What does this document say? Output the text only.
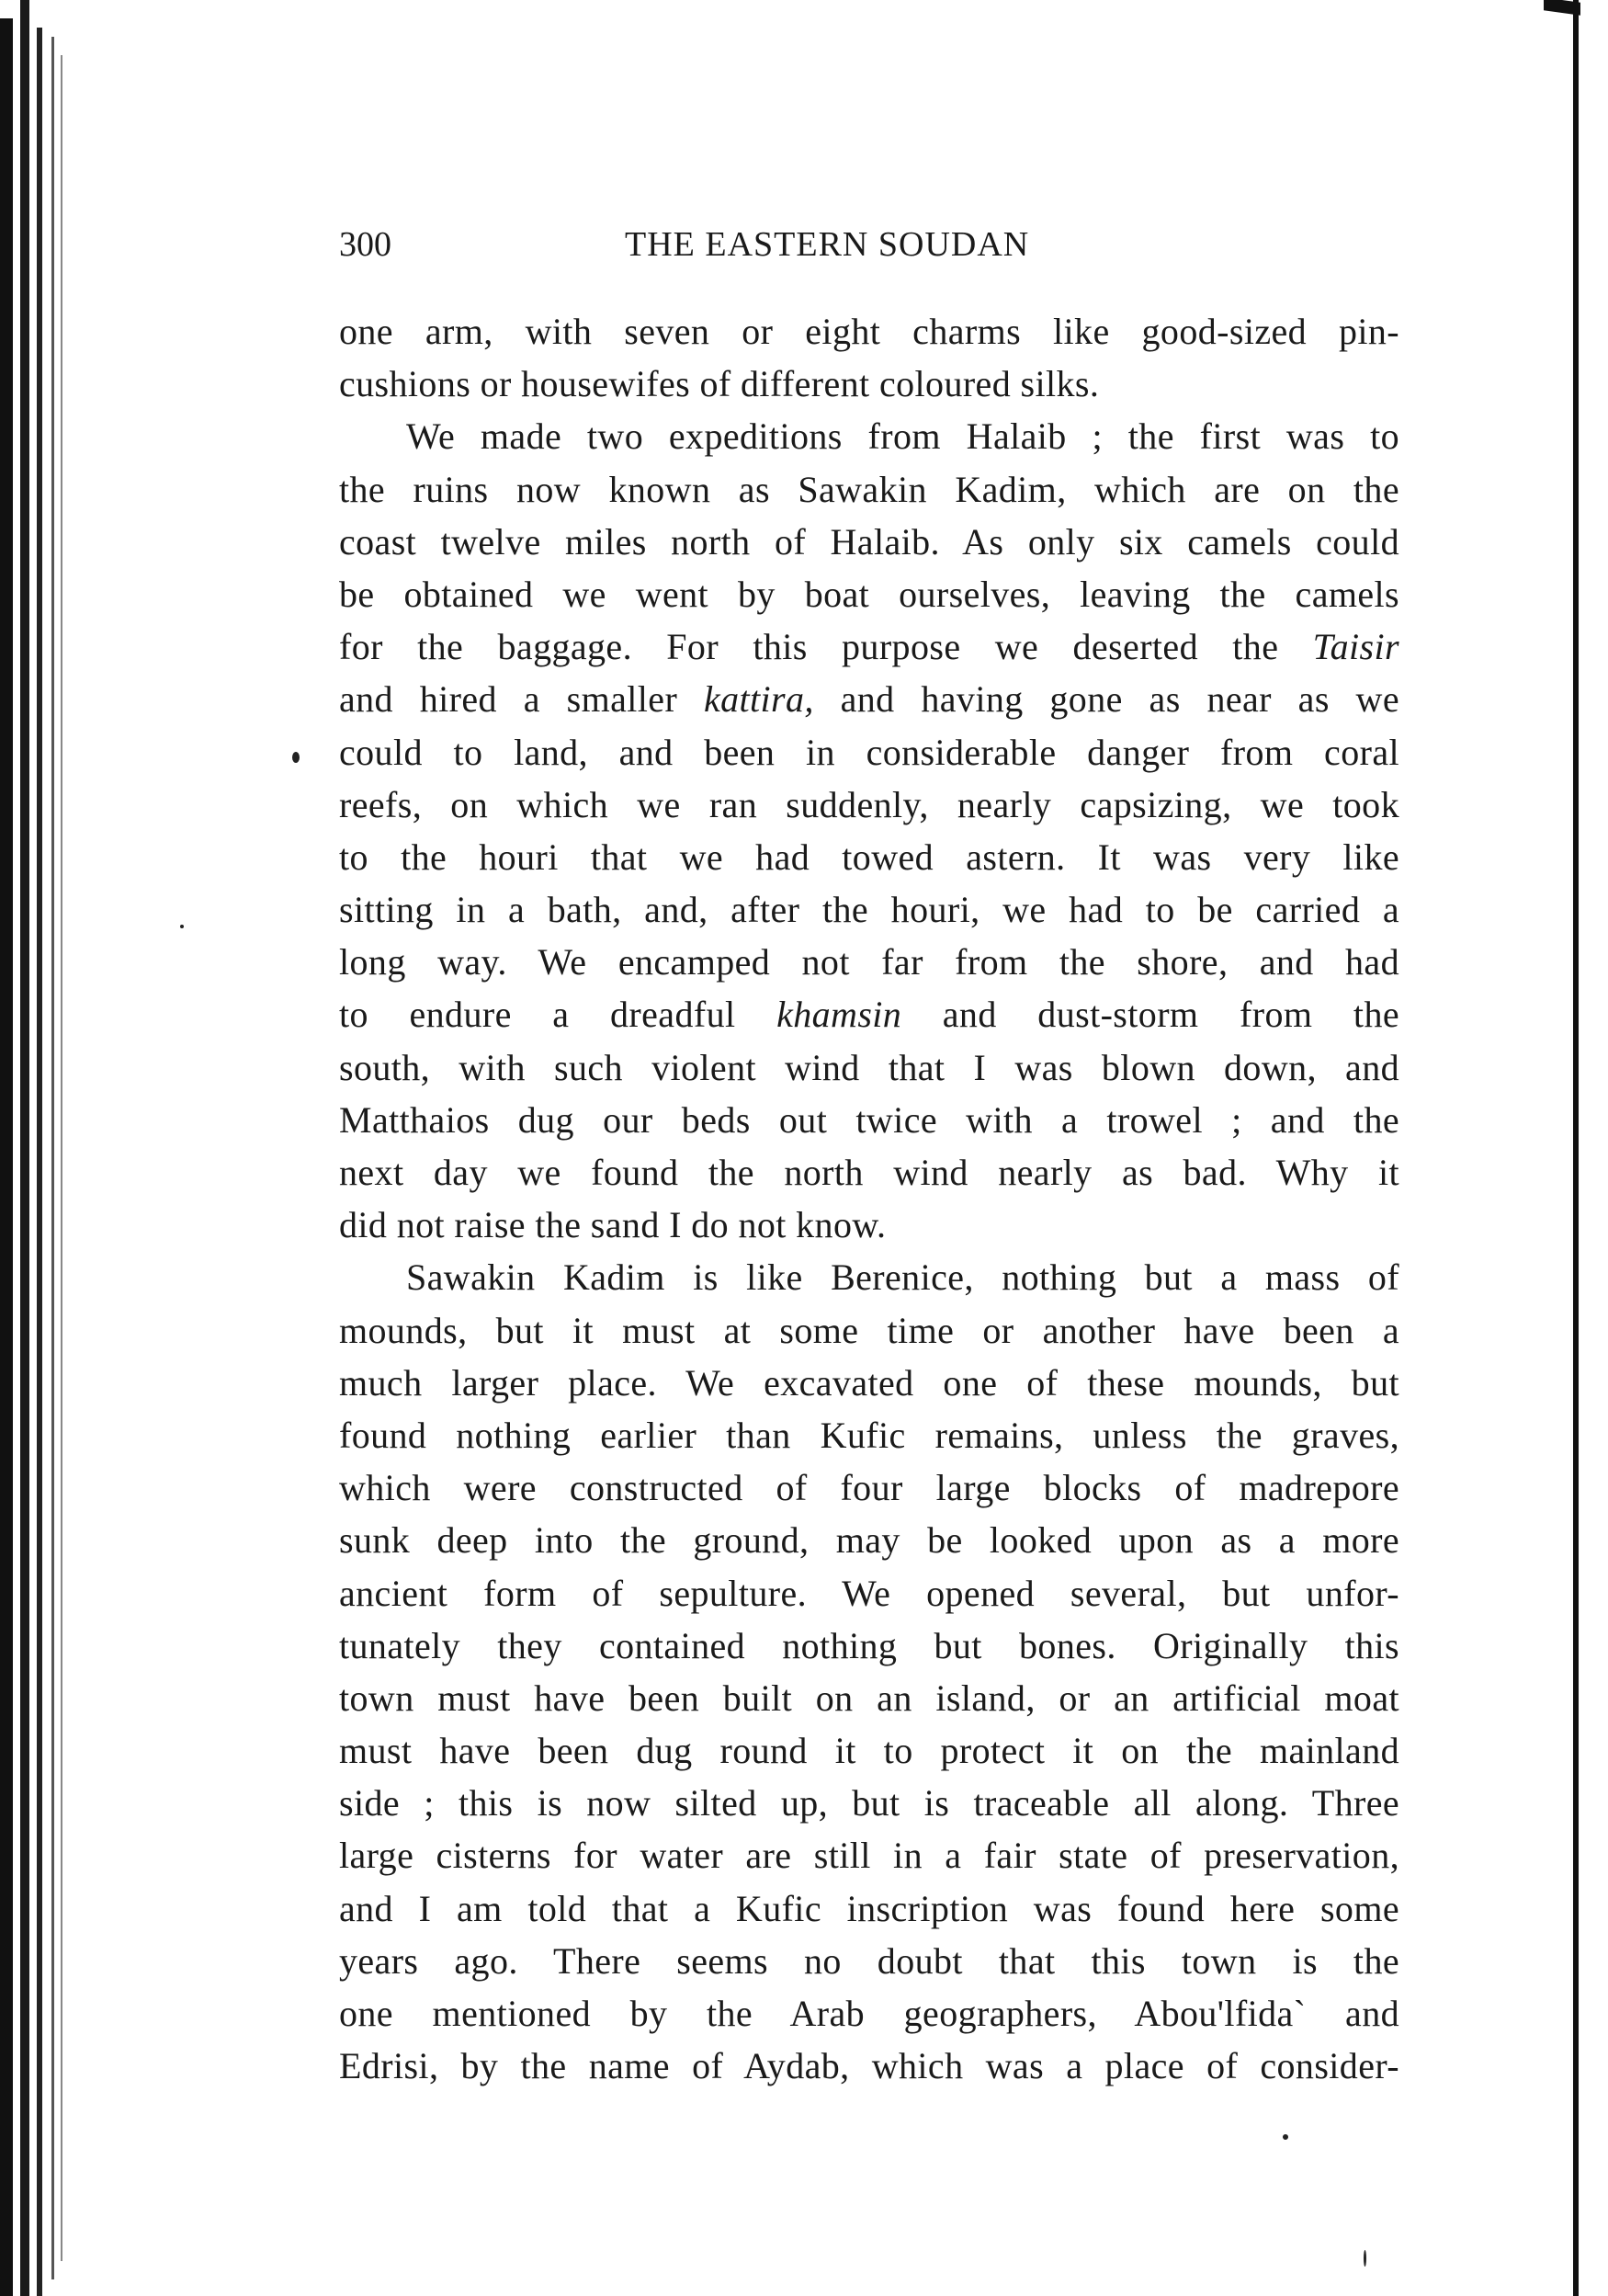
300	THE EASTERN SOUDAN
one arm, with seven or eight charms like good-sized pin-
cushions or housewifes of different coloured silks.
We made two expeditions from Halaib ; the first was to
the ruins now known as Sawakin Kadim, which are on the
coast twelve miles north of Halaib. As only six camels could
be obtained we went by boat ourselves, leaving the camels
for the baggage. For this purpose we deserted the Taisir
and hired a smaller kattira, and having gone as near as we
could to land, and been in considerable danger from coral
reefs, on which we ran suddenly, nearly capsizing, we took
to the houri that we had towed astern. It was very like
sitting in a bath, and, after the houri, we had to be carried a
long way. We encamped not far from the shore, and had
to endure a dreadful khamsin and dust-storm from the
south, with such violent wind that I was blown down, and
Matthaios dug our beds out twice with a trowel ; and the
next day we found the north wind nearly as bad. Why it
did not raise the sand I do not know.
Sawakin Kadim is like Berenice, nothing but a mass of
mounds, but it must at some time or another have been a
much larger place. We excavated one of these mounds, but
found nothing earlier than Kufic remains, unless the graves,
which were constructed of four large blocks of madrepore
sunk deep into the ground, may be looked upon as a more
ancient form of sepulture. We opened several, but unfor-
tunately they contained nothing but bones. Originally this
town must have been built on an island, or an artificial moat
must have been dug round it to protect it on the mainland
side ; this is now silted up, but is traceable all along. Three
large cisterns for water are still in a fair state of preservation,
and I am told that a Kufic inscription was found here some
years ago. There seems no doubt that this town is the
one mentioned by the Arab geographers, Abou'lfida` and
Edrisi, by the name of Aydab, which was a place of consider-
